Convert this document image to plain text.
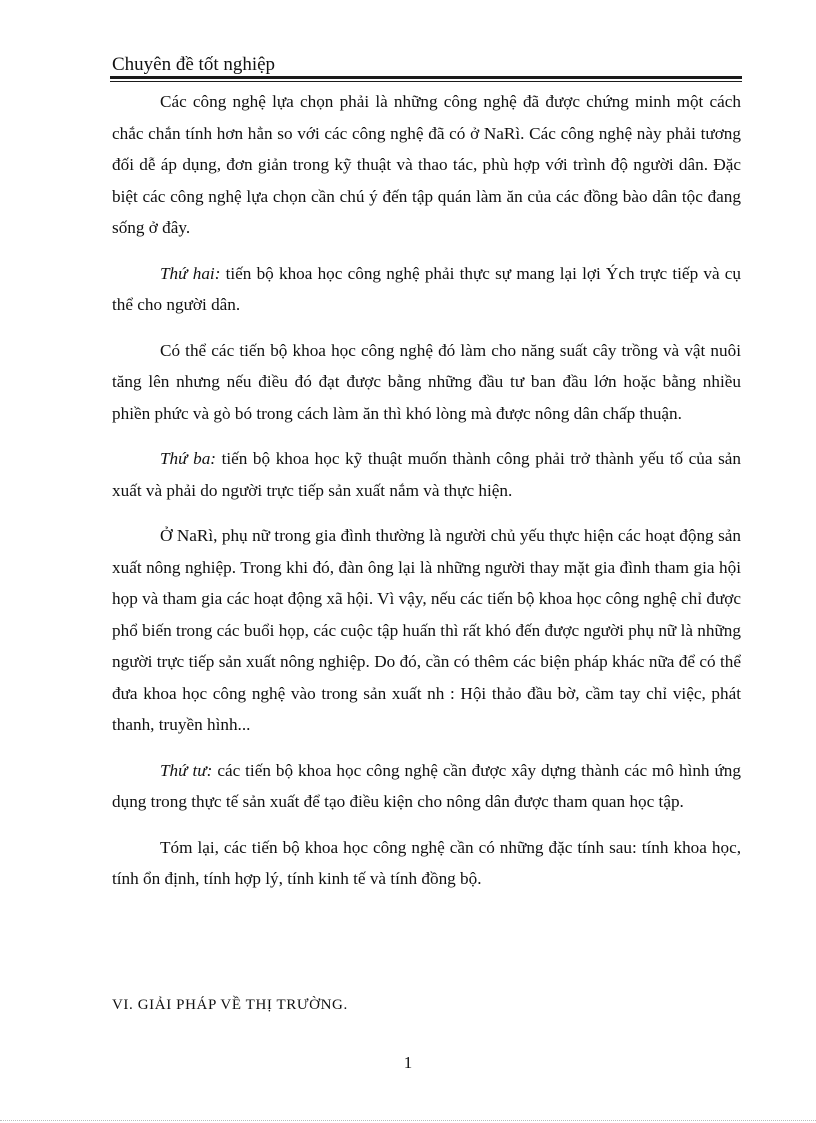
Chuyên đề tốt nghiệp

Các công nghệ lựa chọn phải là những công nghệ đã được chứng minh một cách chắc chắn tính hơn hẳn so với các công nghệ đã có ở NaRì. Các công nghệ này phải tương đối dễ áp dụng, đơn giản trong kỹ thuật và thao tác, phù hợp với trình độ người dân. Đặc biệt các công nghệ lựa chọn cần chú ý đến tập quán làm ăn của các đồng bào dân tộc đang sống ở đây.

Thứ hai: tiến bộ khoa học công nghệ phải thực sự mang lại lợi Ých trực tiếp và cụ thể cho người dân.

Có thể các tiến bộ khoa học công nghệ đó làm cho năng suất cây trồng và vật nuôi tăng lên nhưng nếu điều đó đạt được bằng những đầu tư ban đầu lớn hoặc bằng nhiều phiền phức và gò bó trong cách làm ăn thì khó lòng mà được nông dân chấp thuận.

Thứ ba: tiến bộ khoa học kỹ thuật muốn thành công phải trở thành yếu tố của sản xuất và phải do người trực tiếp sản xuất nắm và thực hiện.

Ở NaRì, phụ nữ trong gia đình thường là người chủ yếu thực hiện các hoạt động sản xuất nông nghiệp. Trong khi đó, đàn ông lại là những người thay mặt gia đình tham gia hội họp và tham gia các hoạt động xã hội. Vì vậy, nếu các tiến bộ khoa học công nghệ chỉ được phổ biến trong các buổi họp, các cuộc tập huấn thì rất khó đến được người phụ nữ là những người trực tiếp sản xuất nông nghiệp. Do đó, cần có thêm các biện pháp khác nữa để có thể đưa khoa học công nghệ vào trong sản xuất nh : Hội thảo đầu bờ, cầm tay chỉ việc, phát thanh, truyền hình...

Thứ tư: các tiến bộ khoa học công nghệ cần được xây dựng thành các mô hình ứng dụng trong thực tế sản xuất để tạo điều kiện cho nông dân được tham quan học tập.

Tóm lại, các tiến bộ khoa học công nghệ cần có những đặc tính sau: tính khoa học, tính ổn định, tính hợp lý, tính kinh tế và tính đồng bộ.

VI. GIẢI PHÁP VỀ THỊ TRƯỜNG.
1
